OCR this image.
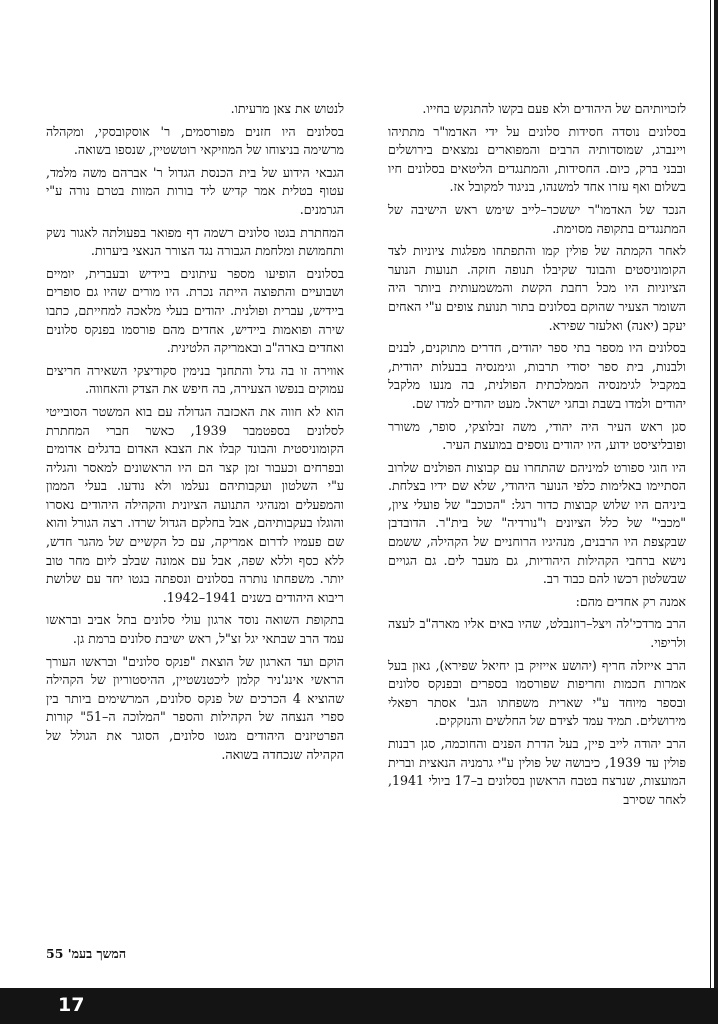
לזכויותיהם של היהודים ולא פעם בקשו להתנקש בחייו.

בסלונים נוסדה חסידות סלונים על ידי האדמו"ר מתתיהו ויינברג, שמוסדותיה הרבים והמפוארים נמצאים בירושלים ובבני ברק, כיום. החסידות, והמתנגדים הליטאים בסלונים חיו בשלום ואף עזרו אחד למשנהו, בניגוד למקובל אז.

הנכד של האדמו"ר יששכר–לייב שימש ראש הישיבה של המתנגדים בתקופה מסוימת.

לאחר הקמתה של פולין קמו והתפתחו מפלגות ציוניות לצד הקומוניסטים והבונד שקיבלו תנופה חזקה. תנועות הנוער הציוניות היו מכל רחבת הקשת והמשמעותית ביותר היה השומר הצעיר שהוקם בסלונים בתור תנועת צופים ע"י האחים יעקב (יאנה) ואלעזר שפירא.

בסלונים היו מספר בתי ספר יהודים, חדרים מתוקנים, לבנים ולבנות, בית ספר יסודי תרבות, וגימנסיה בבעלות יהודית, במקביל לגימנסיה הממלכתית הפולנית, בה מנעו מלקבל יהודים ולמדו בשבת ובחגי ישראל. מעט יהודים למדו שם.

סגן ראש העיר היה יהודי, משה זבלוצקי, סופר, משורר ופובליציסט ידוע, היו יהודים נוספים במועצת העיר.

היו חוגי ספורט למיניהם שהתחרו עם קבוצות הפולנים שלרוב הסתיימו באלימות כלפי הנוער היהודי, שלא שם ידיו בצלחת. ביניהם היו שלוש קבוצות כדור רגל: "הכוכב" של פועלי ציון, "מכבי" של כלל הציונים ו"נורדיה" של בית"ר. הדובדבן שבקצפת היו הרבנים, מנהיגיו הרוחניים של הקהילה, ששמם נישא ברחבי הקהילות היהודיות, גם מעבר לים. גם הגויים שבשלטון רכשו להם כבוד רב.

אמנה רק אחדים מהם:

הרב מרדכי'לה ויצל–רוזנבלט, שהיו באים אליו מארה"ב לעצה ולריפוי.

הרב אייזלה חריף (יהושע אייזיק בן יחיאל שפירא), גאון בעל אמרות חכמות וחריפות שפורסמו בספרים ובפנקס סלונים ובספר מיוחד ע"י שארית משפחתו הגב' אסתר רפאלי מירושלים. תמיד עמד לצידם של החלשים והנזקקים.

הרב יהודה לייב פיין, בעל הדרת הפנים והחוכמה, סגן רבנות פולין עד 1939, כיבושה של פולין ע"י גרמניה הנאצית וברית המועצות, שנרצח בטבח הראשון בסלונים ב–17 ביולי 1941, לאחר שסירב

לנטוש את צאן מרעיתו.

בסלונים היו חזנים מפורסמים, ר' אוסקובסקי, ומקהלה מרשימה בניצוחו של המוזיקאי רוטשטיין, שנספו בשואה.

הגבאי הידוע של בית הכנסת הגדול ר' אברהם משה מלמד, עטוף בטלית אמר קדיש ליד בורות המוות בטרם נורה ע"י הגרמנים.

המחתרת בגטו סלונים רשמה דף מפואר בפעולתה לאגור נשק ותחמושת ומלחמת הגבורה נגד הצורר הנאצי ביערות.

בסלונים הופיעו מספר עיתונים ביידיש ובעברית, יומיים ושבועיים והתפוצה הייתה נכרת. היו מורים שהיו גם סופרים ביידיש, עברית ופולנית. יהודים בעלי מלאכה למחייתם, כתבו שירה ופואמות ביידיש, אחדים מהם פורסמו בפנקס סלונים ואחדים בארה"ב ובאמריקה הלטינית.

אווירה זו בה גדל והתחנך בנימין סקודיצקי השאירה חריצים עמוקים בנפשו הצעירה, בה חיפש את הצדק והאחווה.

הוא לא חווה את האכזבה הגדולה עם בוא המשטר הסובייטי לסלונים בספטמבר 1939, כאשר חברי המחתרת הקומוניסטית והבונד קבלו את הצבא האדום בדגלים אדומים ובפרחים וכעבור זמן קצר הם היו הראשונים למאסר והגליה ע"י השלטון ועקבותיהם נעלמו ולא נודעו. בעלי הממון והמפעלים ומנהיגי התנועה הציונית והקהילה היהודים נאסרו והוגלו בעקבותיהם, אבל בחלקם הגדול שרדו. רצה הגורל והוא שם פעמיו לדרום אמריקה, עם כל הקשיים של מהגר חדש, ללא כסף וללא שפה, אבל עם אמונה שבלב ליום מחר טוב יותר. משפחתו נותרה בסלונים ונספתה בגטו יחד עם שלושת ריבוא היהודים בשנים 1941–1942.

בתקופת השואה נוסד ארגון עולי סלונים בתל אביב ובראשו עמד הרב שבתאי יגל זצ"ל, ראש ישיבת סלונים ברמת גן.

הוקם ועד הארגון של הוצאת "פנקס סלונים" ובראשו העורך הראשי אינג'ניר קלמן ליכטנשטיין, ההיסטוריון של הקהילה שהוציא 4 הכרכים של פנקס סלונים, המרשימים ביותר בין ספרי הנצחה של הקהילות והספר "המלוכה ה–51" קורות הפרטיזנים היהודים מגטו סלונים, הסוגר את הגולל של הקהילה שנכחדה בשואה.

המשך בעמ' 55
17
